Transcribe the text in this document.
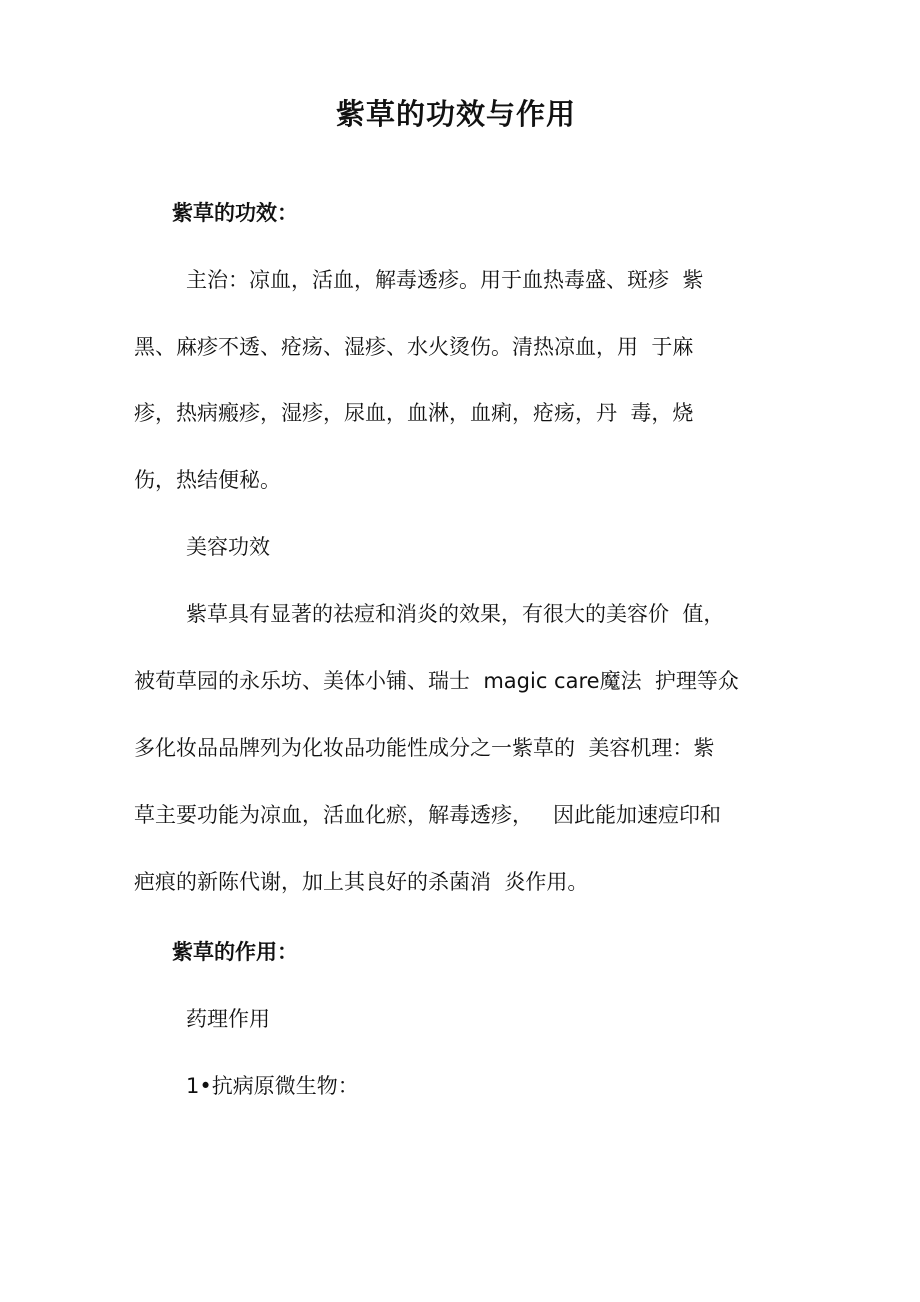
紫草的功效与作用

紫草的功效：

主治：凉血，活血，解毒透疹。用于血热毒盛、斑疹  紫

黑、麻疹不透、疮疡、湿疹、水火烫伤。清热凉血，用  于麻

疹，热病瘢疹，湿疹，尿血，血淋，血痢，疮疡，丹  毒，烧

伤，热结便秘。

美容功效

紫草具有显著的祛痘和消炎的效果，有很大的美容价  值，

被荀草园的永乐坊、美体小铺、瑞士  magic care魔法  护理等众

多化妆品品牌列为化妆品功能性成分之一紫草的  美容机理：紫

草主要功能为凉血，活血化瘀，解毒透疹，   因此能加速痘印和

疤痕的新陈代谢，加上其良好的杀菌消  炎作用。

紫草的作用：

药理作用

1•抗病原微生物：
